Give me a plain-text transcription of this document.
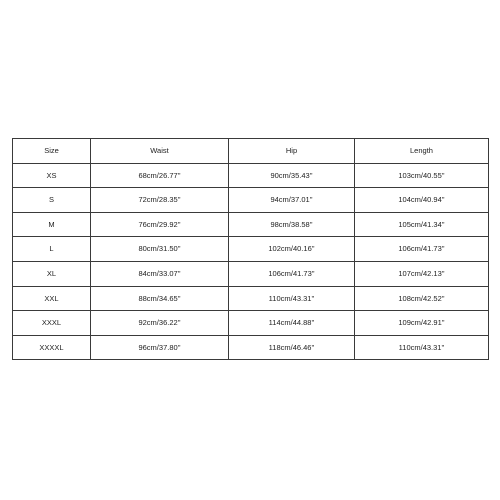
Size	Waist	Hip	Length
XS	68cm/26.77''	90cm/35.43''	103cm/40.55''
S	72cm/28.35''	94cm/37.01''	104cm/40.94''
M	76cm/29.92''	98cm/38.58''	105cm/41.34''
L	80cm/31.50''	102cm/40.16''	106cm/41.73''
XL	84cm/33.07''	106cm/41.73''	107cm/42.13''
XXL	88cm/34.65''	110cm/43.31''	108cm/42.52''
XXXL	92cm/36.22''	114cm/44.88''	109cm/42.91''
XXXXL	96cm/37.80''	118cm/46.46''	110cm/43.31''
